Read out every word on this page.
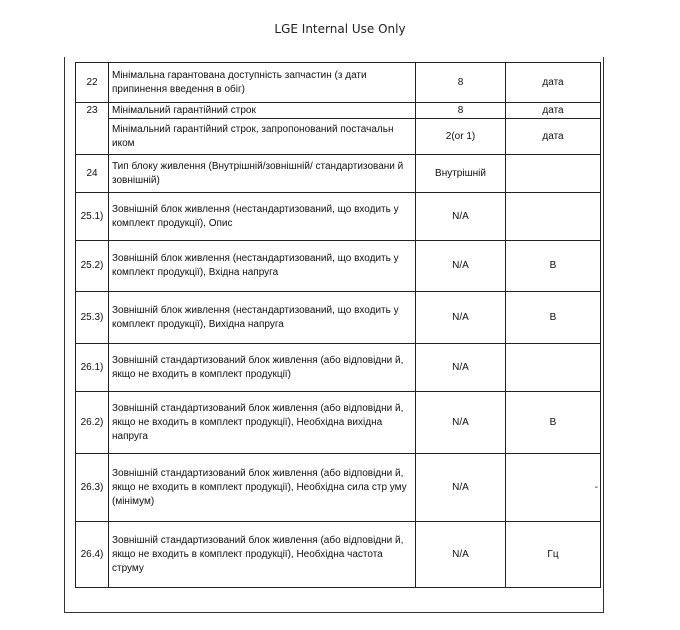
LGE Internal Use Only
22	Мінімальна гарантована доступність запчастин (з дати припинення введення в обіг)	8	дата
23	Мінімальний гарантійний строк	8	дата
	Мінімальний гарантійний строк, запропонований постачальн иком	2(or 1)	дата
24	Тип блоку живлення (Внутрішній/зовнішній/ стандартизовани й зовнішній)	Внутрішній	
25.1)	Зовнішній блок живлення (нестандартизований, що входить у комплект продукції), Опис	N/A	
25.2)	Зовнішній блок живлення (нестандартизований, що входить у комплект продукції), Вхідна напруга	N/A	В
25.3)	Зовнішній блок живлення (нестандартизований, що входить у комплект продукції), Вихідна напруга	N/A	В
26.1)	Зовнішній стандартизований блок живлення (або відповідни й, якщо не входить в комплект продукції)	N/A	
26.2)	Зовнішній стандартизований блок живлення (або відповідни й, якщо не входить в комплект продукції), Необхідна вихідна напруга	N/A	В
26.3)	Зовнішній стандартизований блок живлення (або відповідни й, якщо не входить в комплект продукції), Необхідна сила стр уму (мінімум)	N/A	-
26.4)	Зовнішній стандартизований блок живлення (або відповідни й, якщо не входить в комплект продукції), Необхідна частота струму	N/A	Гц
